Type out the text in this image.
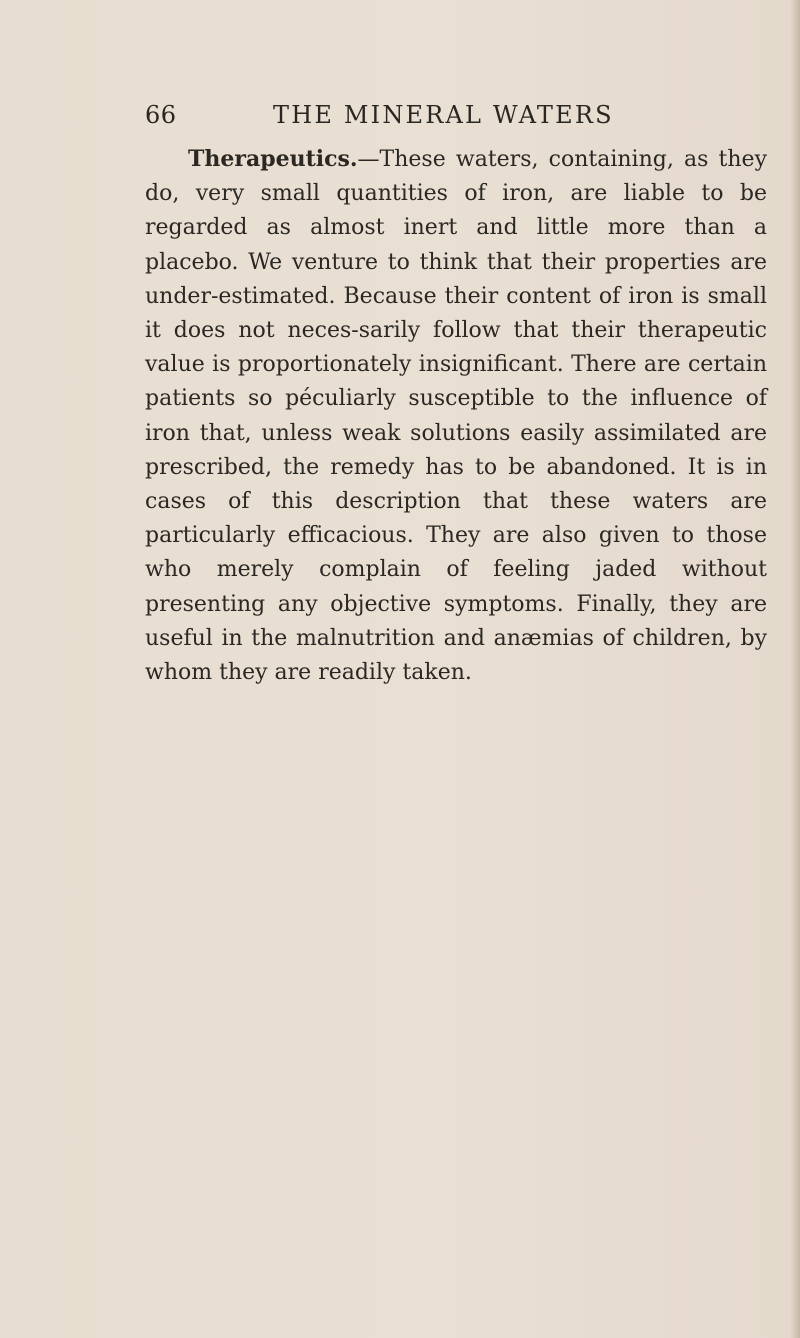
66	THE MINERAL WATERS

Therapeutics.—These waters, containing, as they do, very small quantities of iron, are liable to be regarded as almost inert and little more than a placebo. We venture to think that their properties are under-estimated. Because their content of iron is small it does not neces-sarily follow that their therapeutic value is proportionately insignificant. There are certain patients so péculiarly susceptible to the influence of iron that, unless weak solutions easily assimilated are prescribed, the remedy has to be abandoned. It is in cases of this description that these waters are particularly efficacious. They are also given to those who merely complain of feeling jaded without presenting any objective symptoms. Finally, they are useful in the malnutrition and anæmias of children, by whom they are readily taken.
